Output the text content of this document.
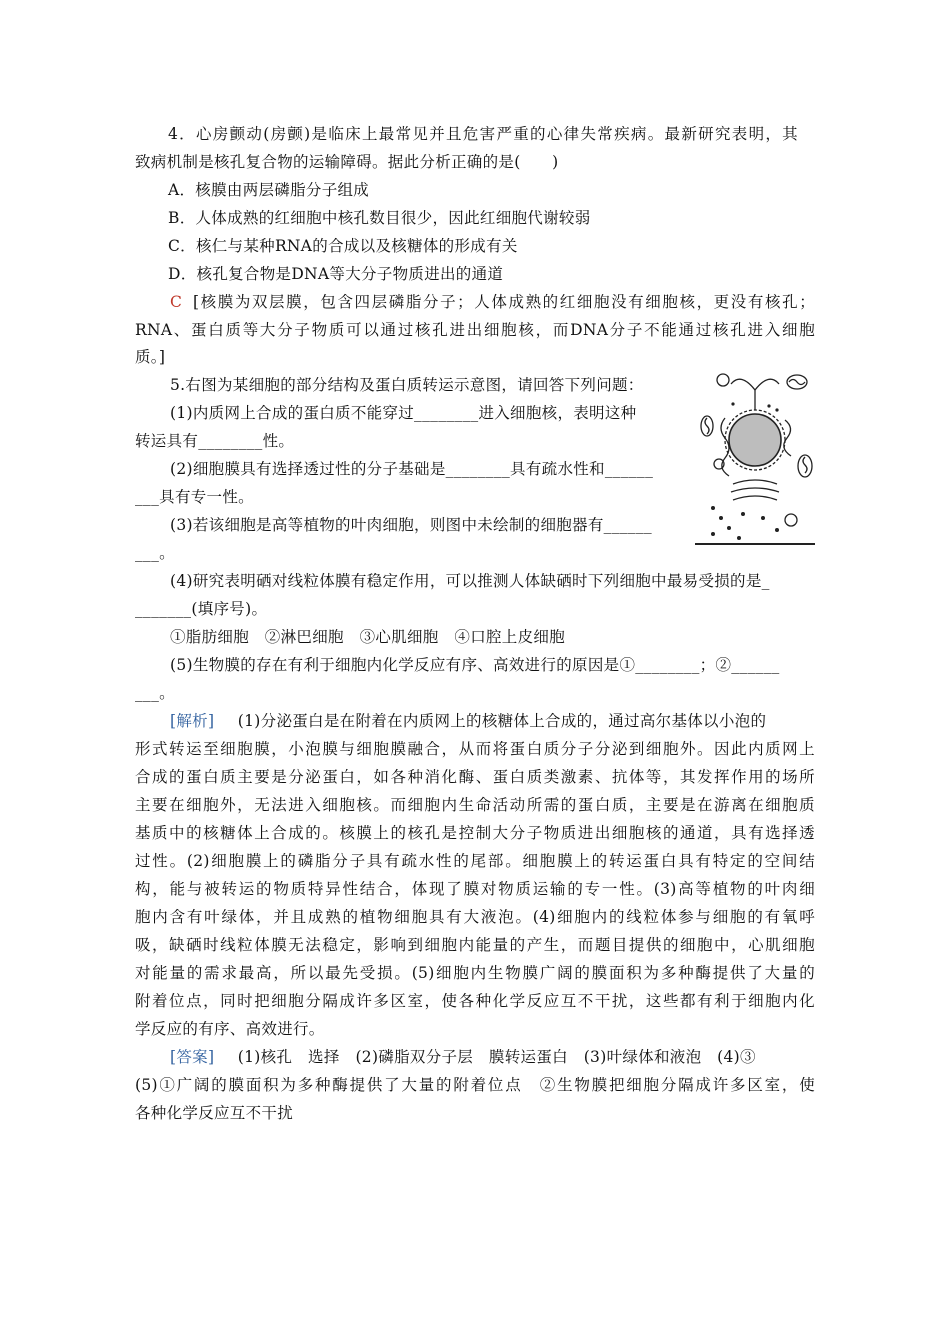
4．心房颤动(房颤)是临床上最常见并且危害严重的心律失常疾病。最新研究表明，其
致病机制是核孔复合物的运输障碍。据此分析正确的是(　　)
A．核膜由两层磷脂分子组成
B．人体成熟的红细胞中核孔数目很少，因此红细胞代谢较弱
C．核仁与某种RNA的合成以及核糖体的形成有关
D．核孔复合物是DNA等大分子物质进出的通道
C [核膜为双层膜，包含四层磷脂分子；人体成熟的红细胞没有细胞核，更没有核孔；
RNA、蛋白质等大分子物质可以通过核孔进出细胞核，而DNA分子不能通过核孔进入细胞
质。]
5.右图为某细胞的部分结构及蛋白质转运示意图，请回答下列问题：
(1)内质网上合成的蛋白质不能穿过________进入细胞核，表明这种
转运具有________性。
(2)细胞膜具有选择透过性的分子基础是________具有疏水性和______
___具有专一性。
(3)若该细胞是高等植物的叶肉细胞，则图中未绘制的细胞器有______
___。
(4)研究表明硒对线粒体膜有稳定作用，可以推测人体缺硒时下列细胞中最易受损的是_
_______(填序号)。
①脂肪细胞　②淋巴细胞　③心肌细胞　④口腔上皮细胞
(5)生物膜的存在有利于细胞内化学反应有序、高效进行的原因是①________；②______
___。
[解析] 　(1)分泌蛋白是在附着在内质网上的核糖体上合成的，通过高尔基体以小泡的
形式转运至细胞膜，小泡膜与细胞膜融合，从而将蛋白质分子分泌到细胞外。因此内质网上
合成的蛋白质主要是分泌蛋白，如各种消化酶、蛋白质类激素、抗体等，其发挥作用的场所
主要在细胞外，无法进入细胞核。而细胞内生命活动所需的蛋白质，主要是在游离在细胞质
基质中的核糖体上合成的。核膜上的核孔是控制大分子物质进出细胞核的通道，具有选择透
过性。(2)细胞膜上的磷脂分子具有疏水性的尾部。细胞膜上的转运蛋白具有特定的空间结
构，能与被转运的物质特异性结合，体现了膜对物质运输的专一性。(3)高等植物的叶肉细
胞内含有叶绿体，并且成熟的植物细胞具有大液泡。(4)细胞内的线粒体参与细胞的有氧呼
吸，缺硒时线粒体膜无法稳定，影响到细胞内能量的产生，而题目提供的细胞中，心肌细胞
对能量的需求最高，所以最先受损。(5)细胞内生物膜广阔的膜面积为多种酶提供了大量的
附着位点，同时把细胞分隔成许多区室，使各种化学反应互不干扰，这些都有利于细胞内化
学反应的有序、高效进行。
[答案] 　(1)核孔　选择　(2)磷脂双分子层　膜转运蛋白　(3)叶绿体和液泡　(4)③
(5)①广阔的膜面积为多种酶提供了大量的附着位点　②生物膜把细胞分隔成许多区室，使
各种化学反应互不干扰
